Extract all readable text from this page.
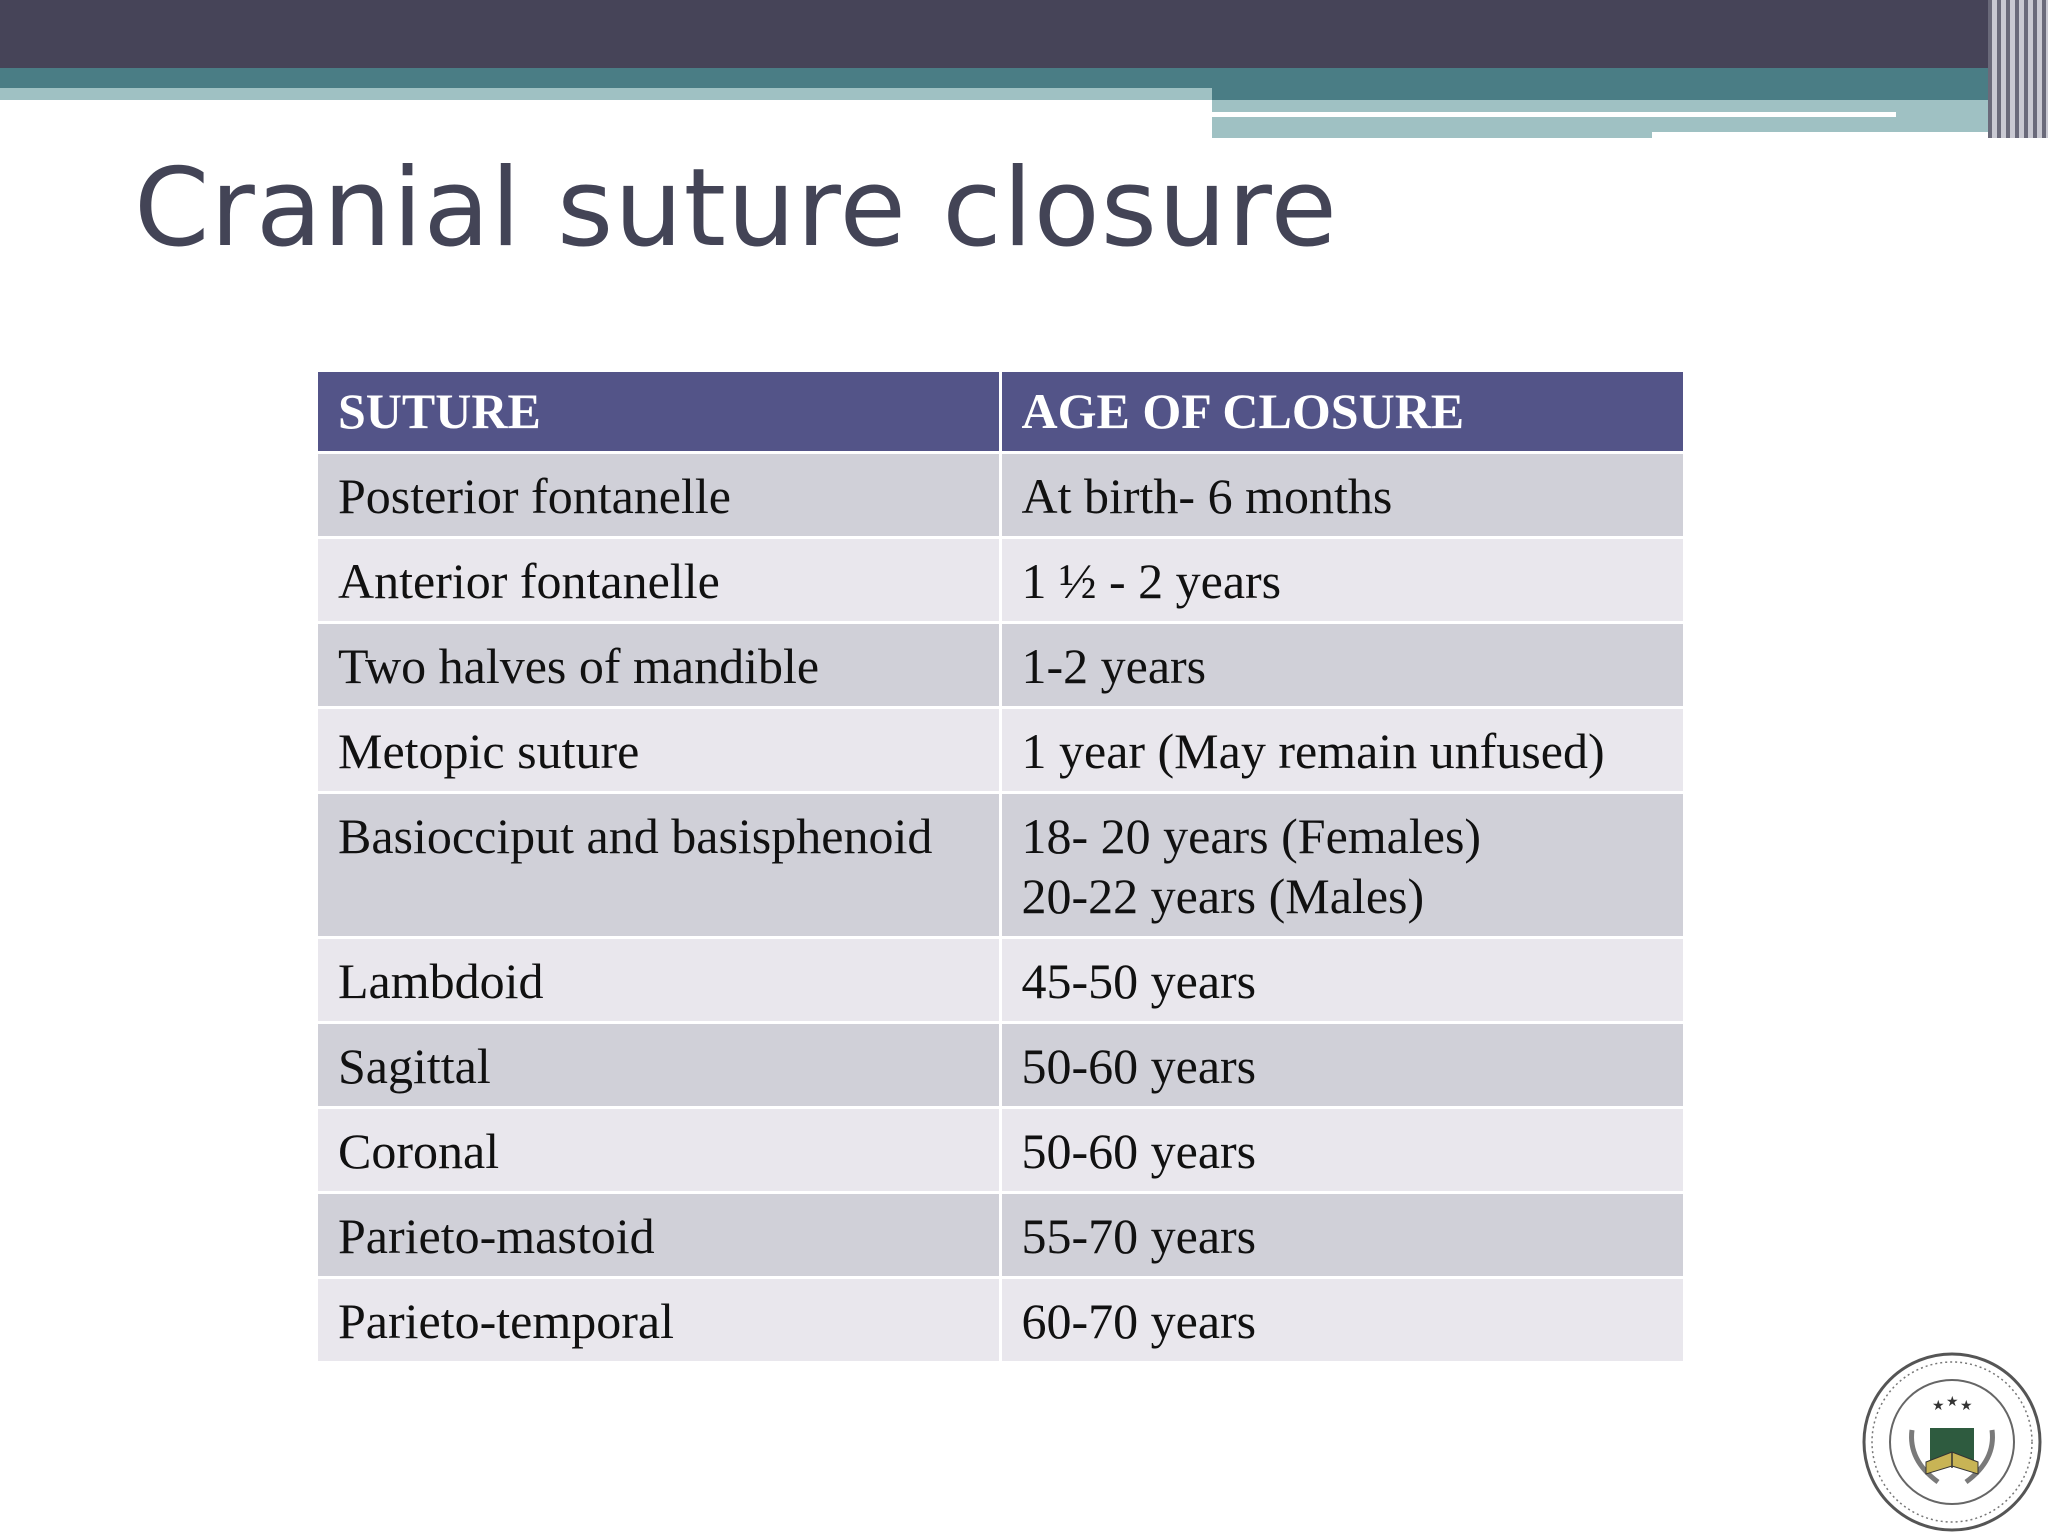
Cranial suture closure
SUTURE	AGE OF CLOSURE
Posterior fontanelle	At birth- 6 months
Anterior fontanelle	1 ½ - 2 years
Two halves of mandible	1-2 years
Metopic suture	1 year (May remain unfused)
Basiocciput and basisphenoid	18- 20 years (Females)
20-22 years (Males)

Lambdoid	45-50 years
Sagittal	50-60 years
Coronal	50-60 years
Parieto-mastoid	55-70 years
Parieto-temporal	60-70 years
★ ★ ★
